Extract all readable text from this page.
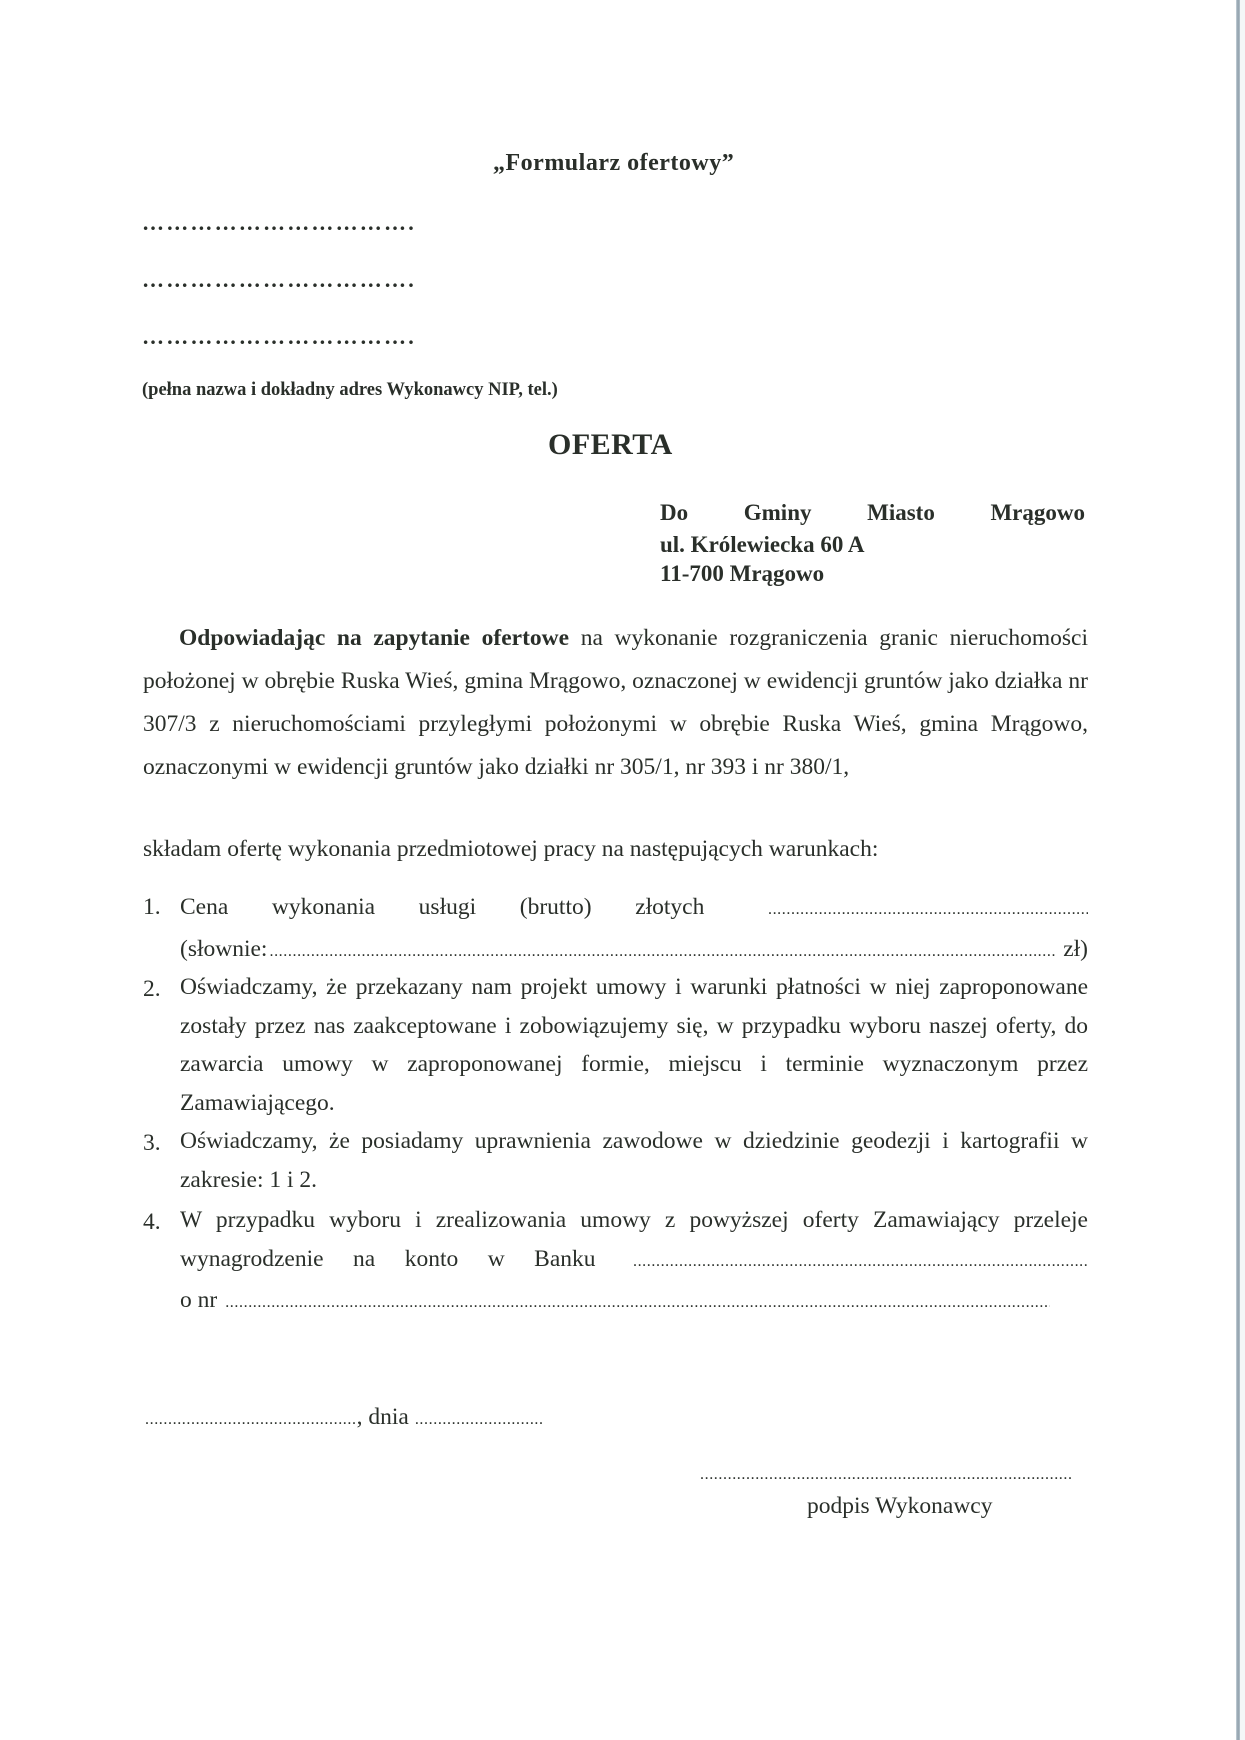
„Formularz ofertowy”
…………………………….
…………………………….
…………………………….
(pełna nazwa i dokładny adres Wykonawcy NIP, tel.)
OFERTA
Do Gminy Miasto Mrągowo
ul. Królewiecka 60 A
11-700 Mrągowo

Odpowiadając na zapytanie ofertowe na wykonanie rozgraniczenia granic nieruchomości położonej w obrębie Ruska Wieś, gmina Mrągowo, oznaczonej w ewidencji gruntów jako działka nr 307/3 z nieruchomościami przyległymi położonymi w obrębie Ruska Wieś, gmina Mrągowo, oznaczonymi w ewidencji gruntów jako działki nr 305/1, nr 393 i nr 380/1,

składam ofertę wykonania przedmiotowej pracy na następujących warunkach:

1. Cena wykonania usługi (brutto) złotych
.....
(słownie: .....	zł)
2. Oświadczamy, że przekazany nam projekt umowy i warunki płatności w niej zaproponowane zostały przez nas zaakceptowane i zobowiązujemy się, w przypadku wyboru naszej oferty, do zawarcia umowy w zaproponowanej formie, miejscu i terminie wyznaczonym przez Zamawiającego.
3. Oświadczamy, że posiadamy uprawnienia zawodowe w dziedzinie geodezji i kartografii w zakresie: 1 i 2.
4. W przypadku wyboru i zrealizowania umowy z powyższej oferty Zamawiający przeleje
wynagrodzenie na konto w Banku
.....
o nr
.....
.............................................. , dnia ............................
.................................................................................
podpis Wykonawcy
